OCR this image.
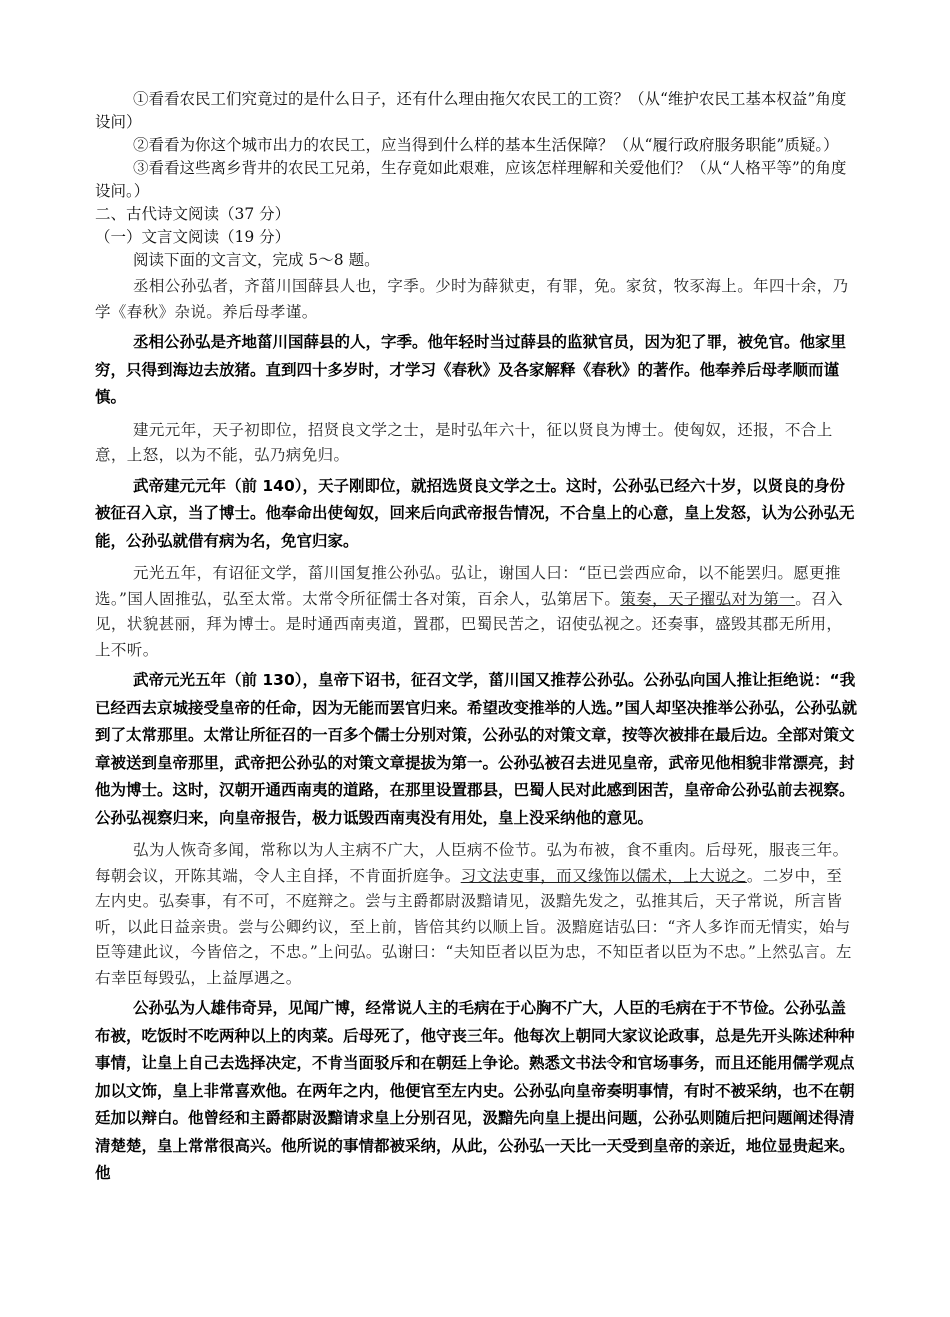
①看看农民工们究竟过的是什么日子，还有什么理由拖欠农民工的工资？（从“维护农民工基本权益”角度设问）

②看看为你这个城市出力的农民工，应当得到什么样的基本生活保障？（从“履行政府服务职能”质疑。）

③看看这些离乡背井的农民工兄弟，生存竟如此艰难，应该怎样理解和关爱他们？（从“人格平等”的角度设问。）

二、古代诗文阅读（37 分）

（一）文言文阅读（19 分）

阅读下面的文言文，完成 5～8 题。

丞相公孙弘者，齐菑川国薛县人也，字季。少时为薛狱吏，有罪，免。家贫，牧豕海上。年四十余，乃学《春秋》杂说。养后母孝谨。

丞相公孙弘是齐地菑川国薛县的人，字季。他年轻时当过薛县的监狱官员，因为犯了罪，被免官。他家里穷，只得到海边去放猪。直到四十多岁时，才学习《春秋》及各家解释《春秋》的著作。他奉养后母孝顺而谨慎。

建元元年，天子初即位，招贤良文学之士，是时弘年六十，征以贤良为博士。使匈奴，还报，不合上意，上怒，以为不能，弘乃病免归。

武帝建元元年（前 140），天子刚即位，就招选贤良文学之士。这时，公孙弘已经六十岁，以贤良的身份被征召入京，当了博士。他奉命出使匈奴，回来后向武帝报告情况，不合皇上的心意，皇上发怒，认为公孙弘无能，公孙弘就借有病为名，免官归家。

元光五年，有诏征文学，菑川国复推公孙弘。弘让，谢国人曰：“臣已尝西应命，以不能罢归。愿更推选。”国人固推弘，弘至太常。太常令所征儒士各对策，百余人，弘第居下。策奏，天子擢弘对为第一。召入见，状貌甚丽，拜为博士。是时通西南夷道，置郡，巴蜀民苦之，诏使弘视之。还奏事，盛毁其郡无所用，上不听。

武帝元光五年（前 130），皇帝下诏书，征召文学，菑川国又推荐公孙弘。公孙弘向国人推让拒绝说：“我已经西去京城接受皇帝的任命，因为无能而罢官归来。希望改变推举的人选。”国人却坚决推举公孙弘，公孙弘就到了太常那里。太常让所征召的一百多个儒士分别对策，公孙弘的对策文章，按等次被排在最后边。全部对策文章被送到皇帝那里，武帝把公孙弘的对策文章提拔为第一。公孙弘被召去进见皇帝，武帝见他相貌非常漂亮，封他为博士。这时，汉朝开通西南夷的道路，在那里设置郡县，巴蜀人民对此感到困苦，皇帝命公孙弘前去视察。公孙弘视察归来，向皇帝报告，极力诋毁西南夷没有用处，皇上没采纳他的意见。

弘为人恢奇多闻，常称以为人主病不广大，人臣病不俭节。弘为布被，食不重肉。后母死，服丧三年。每朝会议，开陈其端，令人主自择，不肯面折庭争。习文法吏事，而又缘饰以儒术，上大说之。二岁中，至左内史。弘奏事，有不可，不庭辩之。尝与主爵都尉汲黯请见，汲黯先发之，弘推其后，天子常说，所言皆听，以此日益亲贵。尝与公卿约议，至上前，皆倍其约以顺上旨。汲黯庭诘弘曰：“齐人多诈而无情实，始与臣等建此议，今皆倍之，不忠。”上问弘。弘谢曰：“夫知臣者以臣为忠，不知臣者以臣为不忠。”上然弘言。左右幸臣每毁弘，上益厚遇之。

公孙弘为人雄伟奇异，见闻广博，经常说人主的毛病在于心胸不广大，人臣的毛病在于不节俭。公孙弘盖布被，吃饭时不吃两种以上的肉菜。后母死了，他守丧三年。他每次上朝同大家议论政事，总是先开头陈述种种事情，让皇上自己去选择决定，不肯当面驳斥和在朝廷上争论。熟悉文书法令和官场事务，而且还能用儒学观点加以文饰，皇上非常喜欢他。在两年之内，他便官至左内史。公孙弘向皇帝奏明事情，有时不被采纳，也不在朝廷加以辩白。他曾经和主爵都尉汲黯请求皇上分别召见，汲黯先向皇上提出问题，公孙弘则随后把问题阐述得清清楚楚，皇上常常很高兴。他所说的事情都被采纳，从此，公孙弘一天比一天受到皇帝的亲近，地位显贵起来。他
